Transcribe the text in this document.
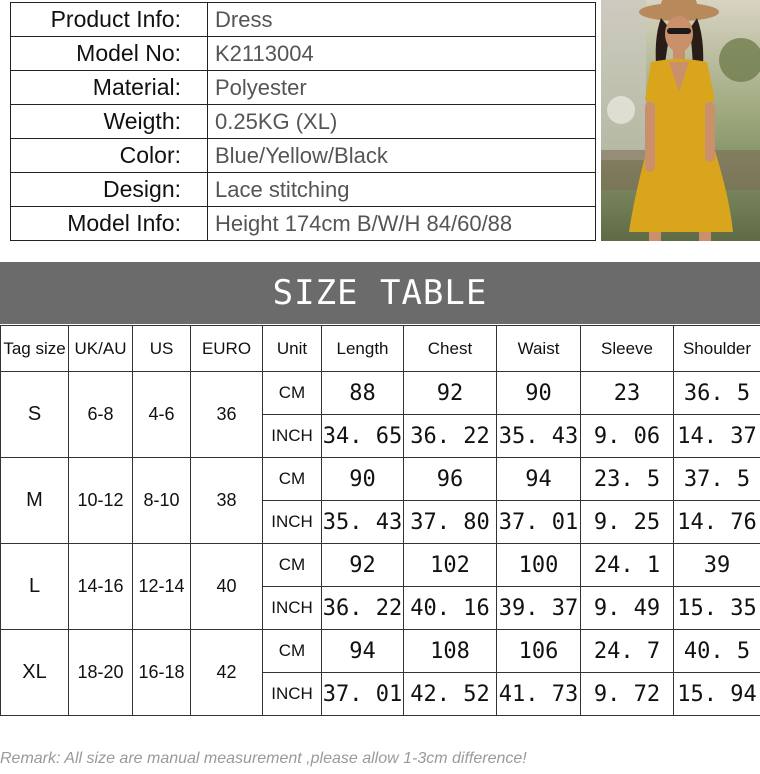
Product Info:	Dress
Model No:	K2113004
Material:	Polyester
Weigth:	0.25KG (XL)
Color:	Blue/Yellow/Black
Design:	Lace stitching
Model Info:	Height 174cm B/W/H 84/60/88
SIZE TABLE
Tag size	UK/AU	US	EURO	Unit	Length	Chest	Waist	Sleeve	Shoulder
S	6-8	4-6	36	CM	88	92	90	23	36. 5
				INCH	34. 65	36. 22	35. 43	9. 06	14. 37
M	10-12	8-10	38	CM	90	96	94	23. 5	37. 5
				INCH	35. 43	37. 80	37. 01	9. 25	14. 76
L	14-16	12-14	40	CM	92	102	100	24. 1	39
				INCH	36. 22	40. 16	39. 37	9. 49	15. 35
XL	18-20	16-18	42	CM	94	108	106	24. 7	40. 5
				INCH	37. 01	42. 52	41. 73	9. 72	15. 94
Remark: All size are manual measurement ,please allow 1-3cm difference!
